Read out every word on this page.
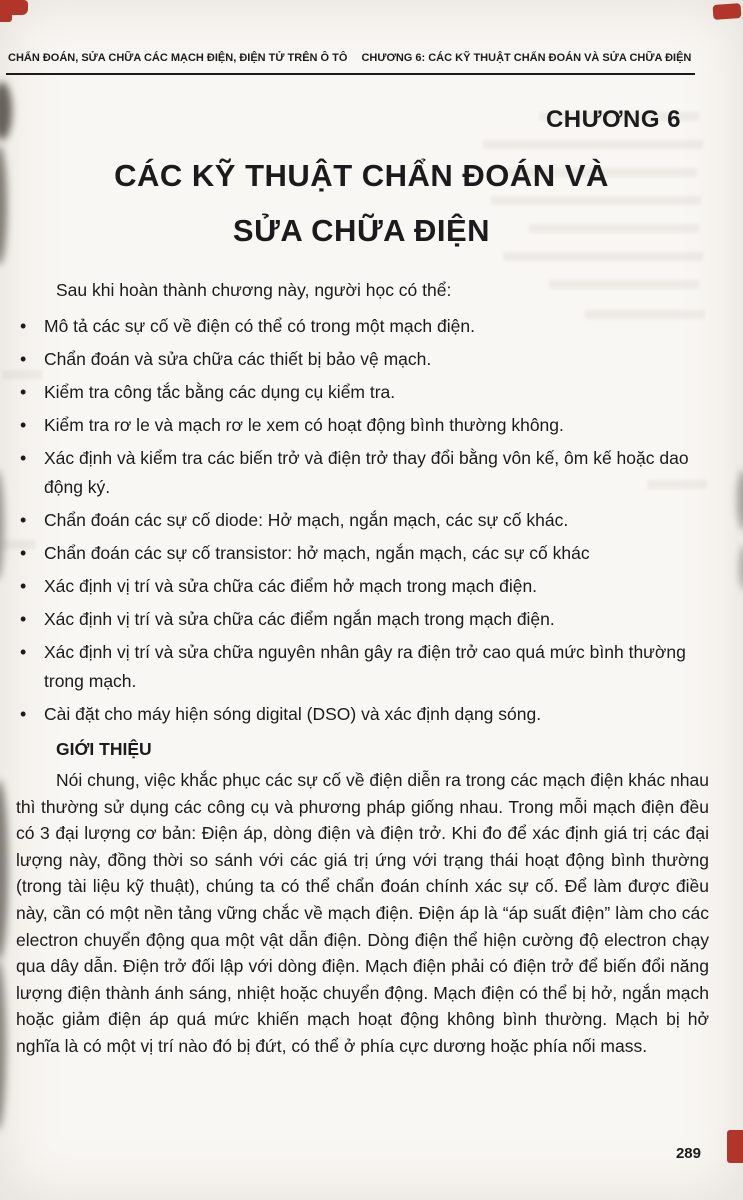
CHẨN ĐOÁN, SỬA CHỮA CÁC MẠCH ĐIỆN, ĐIỆN TỬ TRÊN Ô TÔ CHƯƠNG 6: CÁC KỸ THUẬT CHẨN ĐOÁN VÀ SỬA CHỮA ĐIỆN
CHƯƠNG 6
CÁC KỸ THUẬT CHẨN ĐOÁN VÀ
SỬA CHỮA ĐIỆN

Sau khi hoàn thành chương này, người học có thể:

• Mô tả các sự cố về điện có thể có trong một mạch điện.
• Chẩn đoán và sửa chữa các thiết bị bảo vệ mạch.
• Kiểm tra công tắc bằng các dụng cụ kiểm tra.
• Kiểm tra rơ le và mạch rơ le xem có hoạt động bình thường không.
• Xác định và kiểm tra các biến trở và điện trở thay đổi bằng vôn kế, ôm kế hoặc dao động ký.
• Chẩn đoán các sự cố diode: Hở mạch, ngắn mạch, các sự cố khác.
• Chẩn đoán các sự cố transistor: hở mạch, ngắn mạch, các sự cố khác
• Xác định vị trí và sửa chữa các điểm hở mạch trong mạch điện.
• Xác định vị trí và sửa chữa các điểm ngắn mạch trong mạch điện.
• Xác định vị trí và sửa chữa nguyên nhân gây ra điện trở cao quá mức bình thường trong mạch.
• Cài đặt cho máy hiện sóng digital (DSO) và xác định dạng sóng.

GIỚI THIỆU

Nói chung, việc khắc phục các sự cố về điện diễn ra trong các mạch điện khác nhau thì thường sử dụng các công cụ và phương pháp giống nhau. Trong mỗi mạch điện đều có 3 đại lượng cơ bản: Điện áp, dòng điện và điện trở. Khi đo để xác định giá trị các đại lượng này, đồng thời so sánh với các giá trị ứng với trạng thái hoạt động bình thường (trong tài liệu kỹ thuật), chúng ta có thể chẩn đoán chính xác sự cố. Để làm được điều này, cần có một nền tảng vững chắc về mạch điện. Điện áp là “áp suất điện” làm cho các electron chuyển động qua một vật dẫn điện. Dòng điện thể hiện cường độ electron chạy qua dây dẫn. Điện trở đối lập với dòng điện. Mạch điện phải có điện trở để biến đổi năng lượng điện thành ánh sáng, nhiệt hoặc chuyển động. Mạch điện có thể bị hở, ngắn mạch hoặc giảm điện áp quá mức khiến mạch hoạt động không bình thường. Mạch bị hở nghĩa là có một vị trí nào đó bị đứt, có thể ở phía cực dương hoặc phía nối mass.

289
